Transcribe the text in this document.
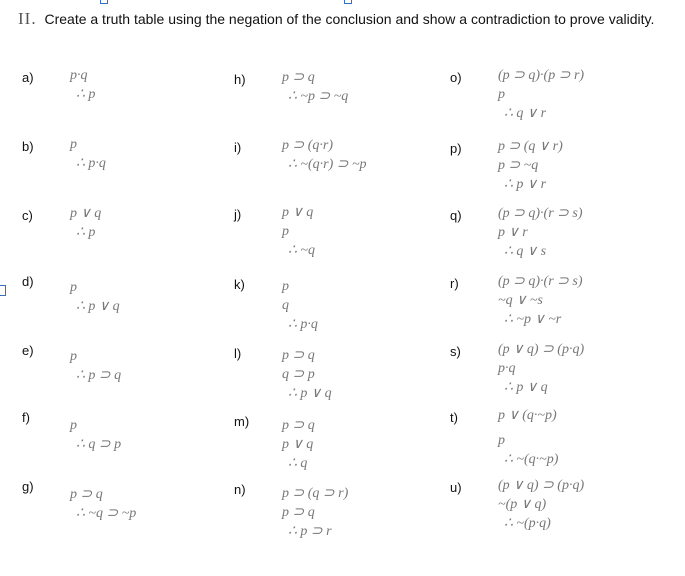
II. Create a truth table using the negation of the conclusion and show a contradiction to prove validity.
a)	p·q
∴ p
b)	p
∴ p·q
c)	p ∨ q
∴ p
d)	p
∴ p ∨ q
e)	p
∴ p ⊃ q
f)
p
∴ q ⊃ p
g)
p ⊃ q
∴ ~q ⊃ ~p
h)	p ⊃ q
∴ ~p ⊃ ~q
i)	p ⊃ (q·r)
∴ ~(q·r) ⊃ ~p
j)	p ∨ q
p
∴ ~q
k)	p
q
∴ p·q
l)	p ⊃ q
q ⊃ p
∴ p ∨ q
m) p ⊃ q
p ∨ q
∴ q
n)	p ⊃ (q ⊃ r)
p ⊃ q
∴ p ⊃ r
o)	(p ⊃ q)·(p ⊃ r)
p
∴ q ∨ r
p)	p ⊃ (q ∨ r)
p ⊃ ~q
∴ p ∨ r
q)	(p ⊃ q)·(r ⊃ s)
p ∨ r
∴ q ∨ s
r)	(p ⊃ q)·(r ⊃ s)
~q ∨ ~s
∴ ~p ∨ ~r
s)	(p ∨ q) ⊃ (p·q)
p·q
∴ p ∨ q
t)	p ∨ (q·~p)
p
∴ ~(q·~p)
u)	(p ∨ q) ⊃ (p·q)
~(p ∨ q)
∴ ~(p·q)
